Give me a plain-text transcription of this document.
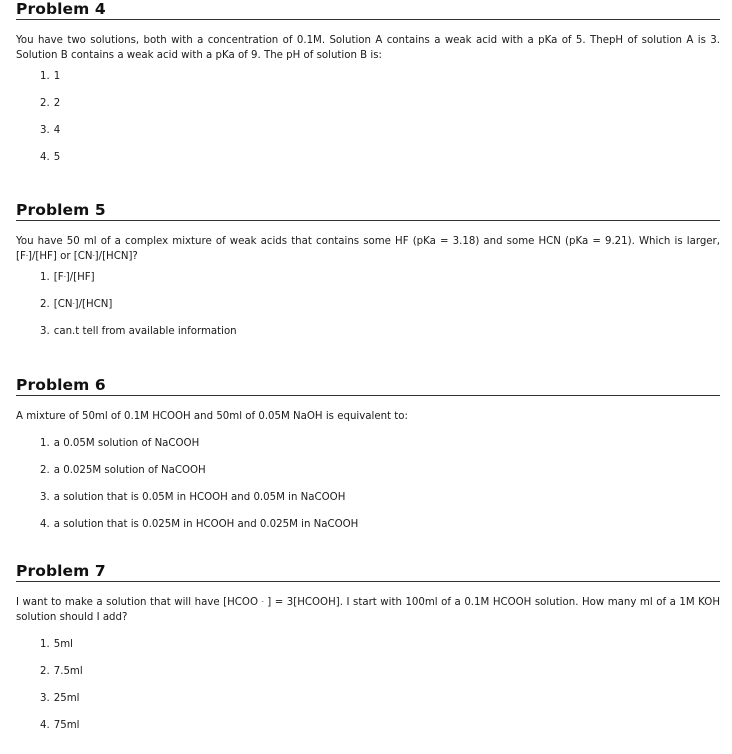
Problem 4

You have two solutions, both with a concentration of 0.1M. Solution A contains a weak acid with a pKa of 5. ThepH of solution A is 3. Solution B contains a weak acid with a pKa of 9. The pH of solution B is:

1. 1
2. 2
3. 4
4. 5
Problem 5

You have 50 ml of a complex mixture of weak acids that contains some HF (pKa = 3.18) and some HCN (pKa = 9.21). Which is larger, [F-]/[HF] or [CN-]/[HCN]?

1. [F-]/[HF]
2. [CN-]/[HCN]
3. can.t tell from available information
Problem 6

A mixture of 50ml of 0.1M HCOOH and 50ml of 0.05M NaOH is equivalent to:

1. a 0.05M solution of NaCOOH
2. a 0.025M solution of NaCOOH
3. a solution that is 0.05M in HCOOH and 0.05M in NaCOOH
4. a solution that is 0.025M in HCOOH and 0.025M in NaCOOH
Problem 7

I want to make a solution that will have [HCOO - ] = 3[HCOOH]. I start with 100ml of a 0.1M HCOOH solution. How many ml of a 1M KOH solution should I add?

1. 5ml
2. 7.5ml
3. 25ml
4. 75ml
